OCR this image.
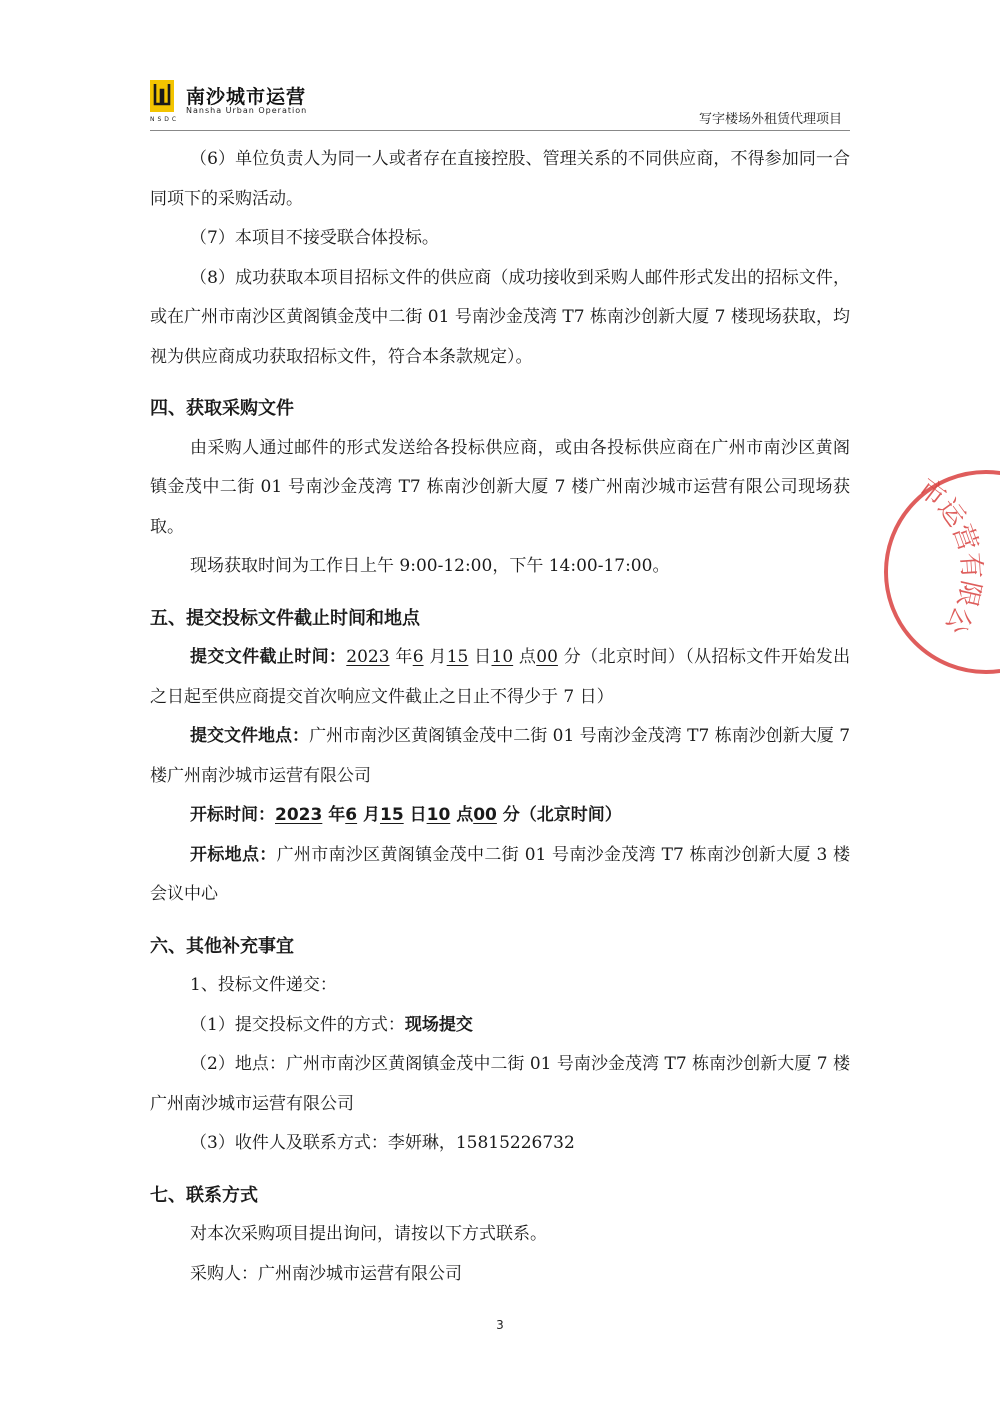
南沙城市运营
NSDC
Nansha Urban Operation
写字楼场外租赁代理项目

（6）单位负责人为同一人或者存在直接控股、管理关系的不同供应商，不得参加同一合同项下的采购活动。

（7）本项目不接受联合体投标。

（8）成功获取本项目招标文件的供应商（成功接收到采购人邮件形式发出的招标文件，或在广州市南沙区黄阁镇金茂中二街 01 号南沙金茂湾 T7 栋南沙创新大厦 7 楼现场获取，均视为供应商成功获取招标文件，符合本条款规定）。

四、获取采购文件

由采购人通过邮件的形式发送给各投标供应商，或由各投标供应商在广州市南沙区黄阁镇金茂中二街 01 号南沙金茂湾 T7 栋南沙创新大厦 7 楼广州南沙城市运营有限公司现场获取。

现场获取时间为工作日上午 9:00-12:00，下午 14:00-17:00。

五、提交投标文件截止时间和地点

提交文件截止时间：2023 年6 月15 日10 点00 分（北京时间）（从招标文件开始发出之日起至供应商提交首次响应文件截止之日止不得少于 7 日）

提交文件地点：广州市南沙区黄阁镇金茂中二街 01 号南沙金茂湾 T7 栋南沙创新大厦 7 楼广州南沙城市运营有限公司

开标时间：2023 年6 月15 日10 点00 分（北京时间）

开标地点：广州市南沙区黄阁镇金茂中二街 01 号南沙金茂湾 T7 栋南沙创新大厦 3 楼会议中心

六、其他补充事宜

1、投标文件递交：

（1）提交投标文件的方式：现场提交

（2）地点：广州市南沙区黄阁镇金茂中二街 01 号南沙金茂湾 T7 栋南沙创新大厦 7 楼广州南沙城市运营有限公司

（3）收件人及联系方式：李妍琳，15815226732

七、联系方式

对本次采购项目提出询问，请按以下方式联系。

采购人：广州南沙城市运营有限公司

市运营有限公
3
